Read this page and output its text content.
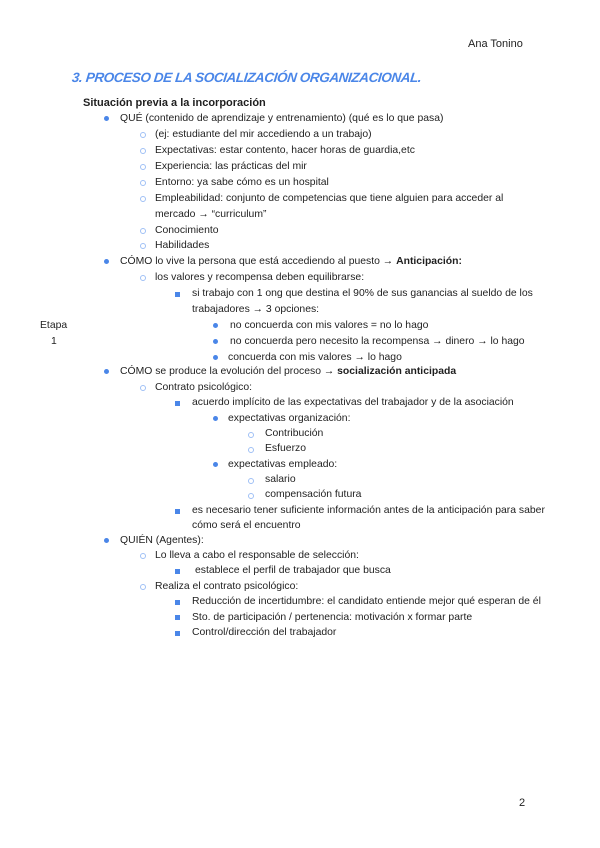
Ana Tonino
3. PROCESO DE LA SOCIALIZACIÓN ORGANIZACIONAL.
Situación previa a la incorporación
Etapa
1
QUÉ (contenido de aprendizaje y entrenamiento) (qué es lo que pasa)
(ej: estudiante del mir accediendo a un trabajo)
Expectativas: estar contento, hacer horas de guardia,etc
Experiencia: las prácticas del mir
Entorno: ya sabe cómo es un hospital
Empleabilidad: conjunto de competencias que tiene alguien para acceder al
mercado → “curriculum”
Conocimiento
Habilidades
CÓMO lo vive la persona que está accediendo al puesto → Anticipación:
los valores y recompensa deben equilibrarse:
si trabajo con 1 ong que destina el 90% de sus ganancias al sueldo de los
trabajadores → 3 opciones:
no concuerda con mis valores = no lo hago
no concuerda pero necesito la recompensa → dinero → lo hago
concuerda con mis valores → lo hago
CÓMO se produce la evolución del proceso → socialización anticipada
Contrato psicológico:
acuerdo implícito de las expectativas del trabajador y de la asociación
expectativas organización:
Contribución
Esfuerzo
expectativas empleado:
salario
compensación futura
es necesario tener suficiente información antes de la anticipación para saber
cómo será el encuentro
QUIÉN (Agentes):
Lo lleva a cabo el responsable de selección:
establece el perfil de trabajador que busca
Realiza el contrato psicológico:
Reducción de incertidumbre: el candidato entiende mejor qué esperan de él
Sto. de participación / pertenencia: motivación x formar parte
Control/dirección del trabajador
2
